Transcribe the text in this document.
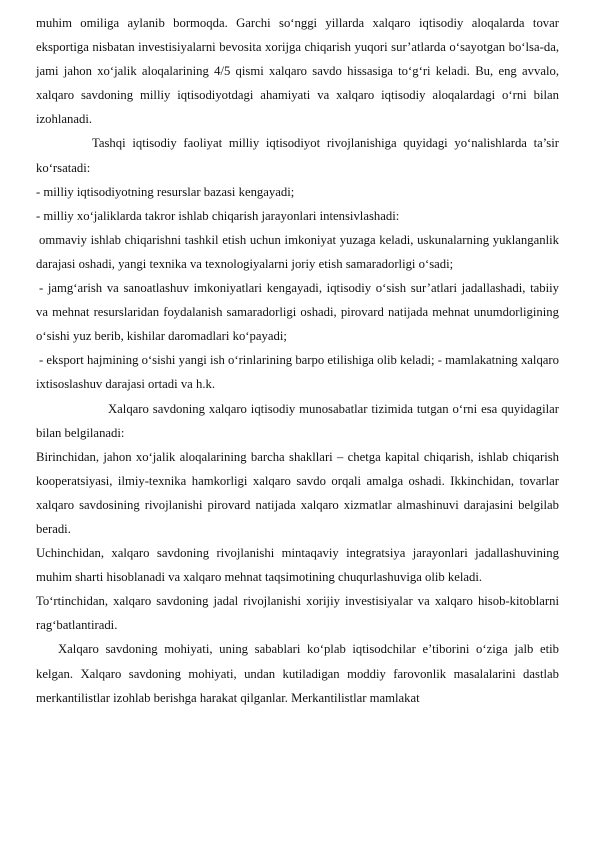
muhim omiliga aylanib bormoqda. Garchi so‘nggi yillarda xalqaro iqtisodiy aloqalarda tovar eksportiga nisbatan investisiyalarni bevosita xorijga chiqarish yuqori sur’atlarda o‘sayotgan bo‘lsa-da, jami jahon xo‘jalik aloqalarining 4/5 qismi xalqaro savdo hissasiga to‘g‘ri keladi. Bu, eng avvalo, xalqaro savdoning milliy iqtisodiyotdagi ahamiyati va xalqaro iqtisodiy aloqalardagi o‘rni bilan izohlanadi.

Tashqi iqtisodiy faoliyat milliy iqtisodiyot rivojlanishiga quyidagi yo‘nalishlarda ta’sir ko‘rsatadi:

- milliy iqtisodiyotning resurslar bazasi kengayadi;

- milliy xo‘jaliklarda takror ishlab chiqarish jarayonlari intensivlashadi:

ommaviy ishlab chiqarishni tashkil etish uchun imkoniyat yuzaga keladi, uskunalarning yuklanganlik darajasi oshadi, yangi texnika va texnologiyalarni joriy etish samaradorligi o‘sadi;

- jamg‘arish va sanoatlashuv imkoniyatlari kengayadi, iqtisodiy o‘sish sur’atlari jadallashadi, tabiiy va mehnat resurslaridan foydalanish samaradorligi oshadi, pirovard natijada mehnat unumdorligining o‘sishi yuz berib, kishilar daromadlari ko‘payadi;

- eksport hajmining o‘sishi yangi ish o‘rinlarining barpo etilishiga olib keladi; - mamlakatning xalqaro ixtisoslashuv darajasi ortadi va h.k.

Xalqaro savdoning xalqaro iqtisodiy munosabatlar tizimida tutgan o‘rni esa quyidagilar bilan belgilanadi:

Birinchidan, jahon xo‘jalik aloqalarining barcha shakllari – chetga kapital chiqarish, ishlab chiqarish kooperatsiyasi, ilmiy-texnika hamkorligi xalqaro savdo orqali amalga oshadi. Ikkinchidan, tovarlar xalqaro savdosining rivojlanishi pirovard natijada xalqaro xizmatlar almashinuvi darajasini belgilab beradi.

Uchinchidan, xalqaro savdoning rivojlanishi mintaqaviy integratsiya jarayonlari jadallashuvining muhim sharti hisoblanadi va xalqaro mehnat taqsimotining chuqurlashuviga olib keladi.

To‘rtinchidan, xalqaro savdoning jadal rivojlanishi xorijiy investisiyalar va xalqaro hisob-kitoblarni rag‘batlantiradi.

Xalqaro savdoning mohiyati, uning sabablari ko‘plab iqtisodchilar e’tiborini o‘ziga jalb etib kelgan. Xalqaro savdoning mohiyati, undan kutiladigan moddiy farovonlik masalalarini dastlab merkantilistlar izohlab berishga harakat qilganlar. Merkantilistlar mamlakat
